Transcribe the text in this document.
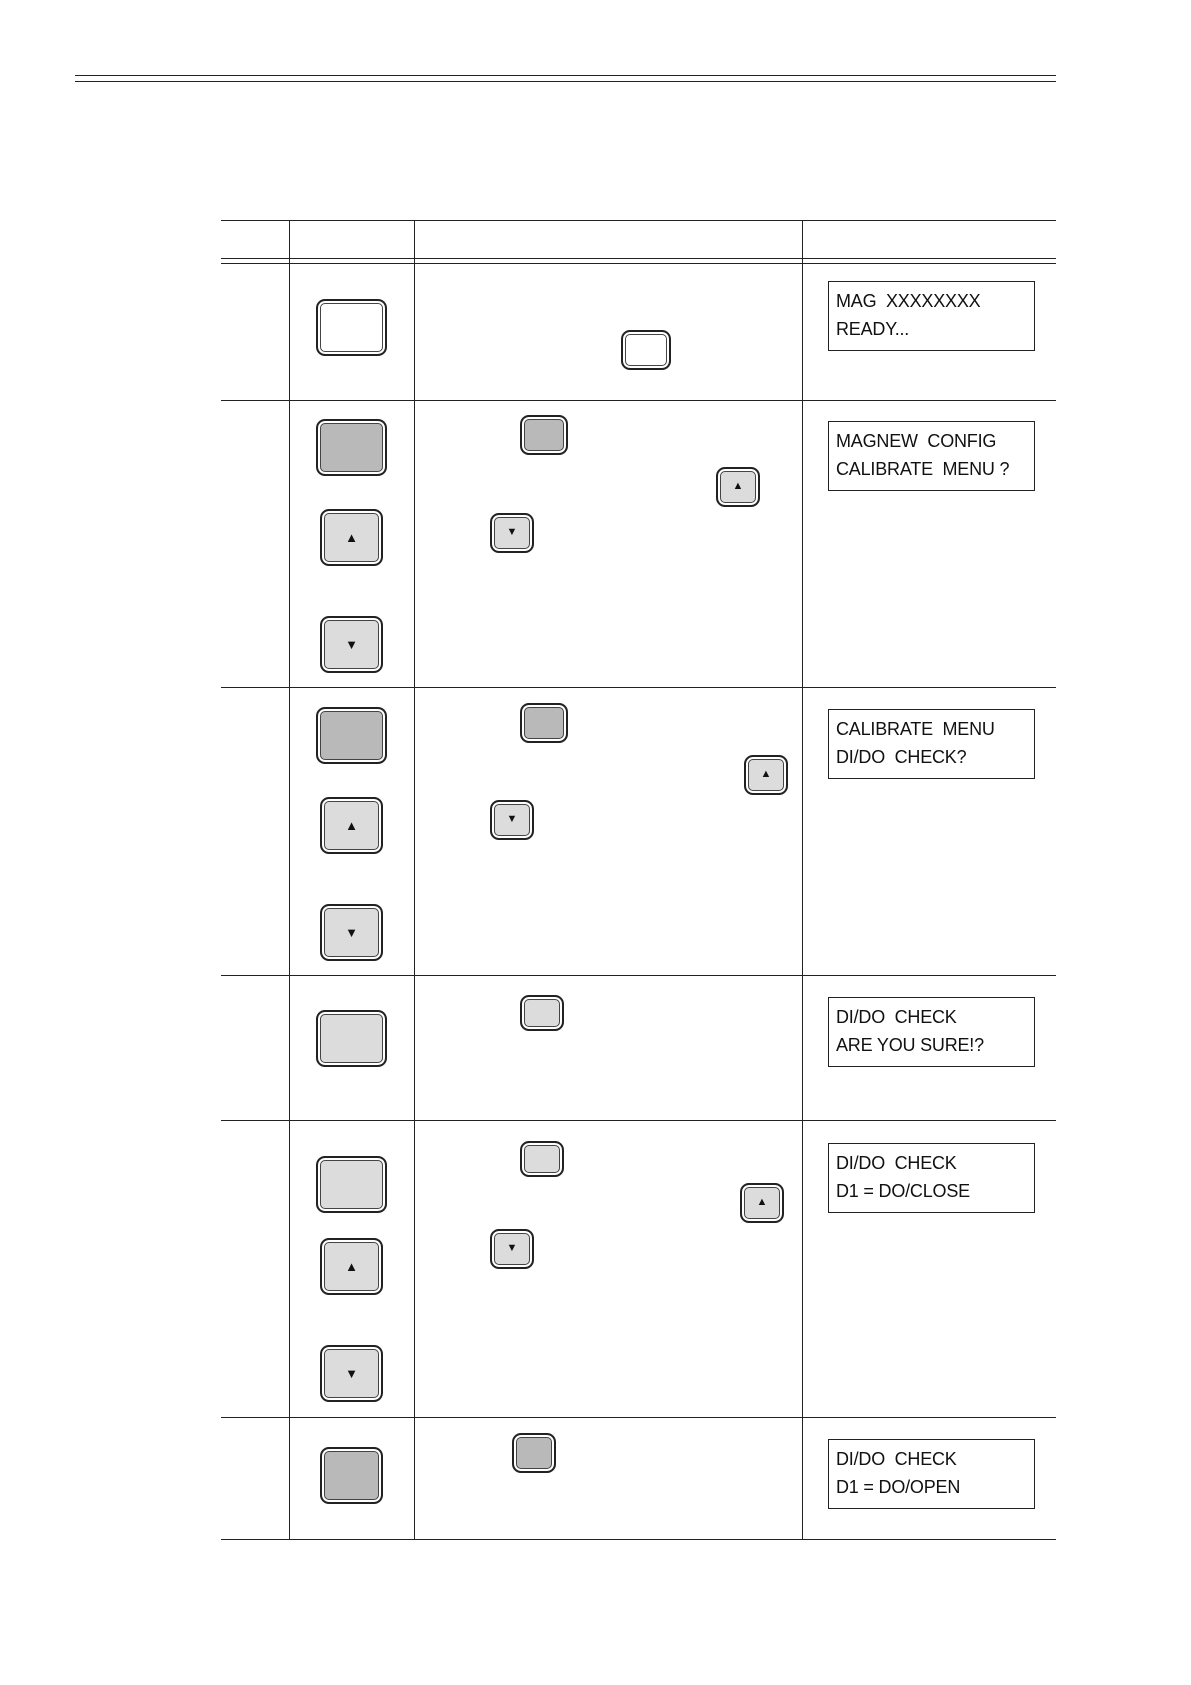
MAG  XXXXXXXX
READY...
▲
▼
▲
▼
MAGNEW  CONFIG
CALIBRATE  MENU ?
▲
▼
▲
▼
CALIBRATE  MENU
DI/DO  CHECK?
DI/DO  CHECK
ARE YOU SURE!?
▲
▼
▲
▼
DI/DO  CHECK
D1 = DO/CLOSE
DI/DO  CHECK
D1 = DO/OPEN
